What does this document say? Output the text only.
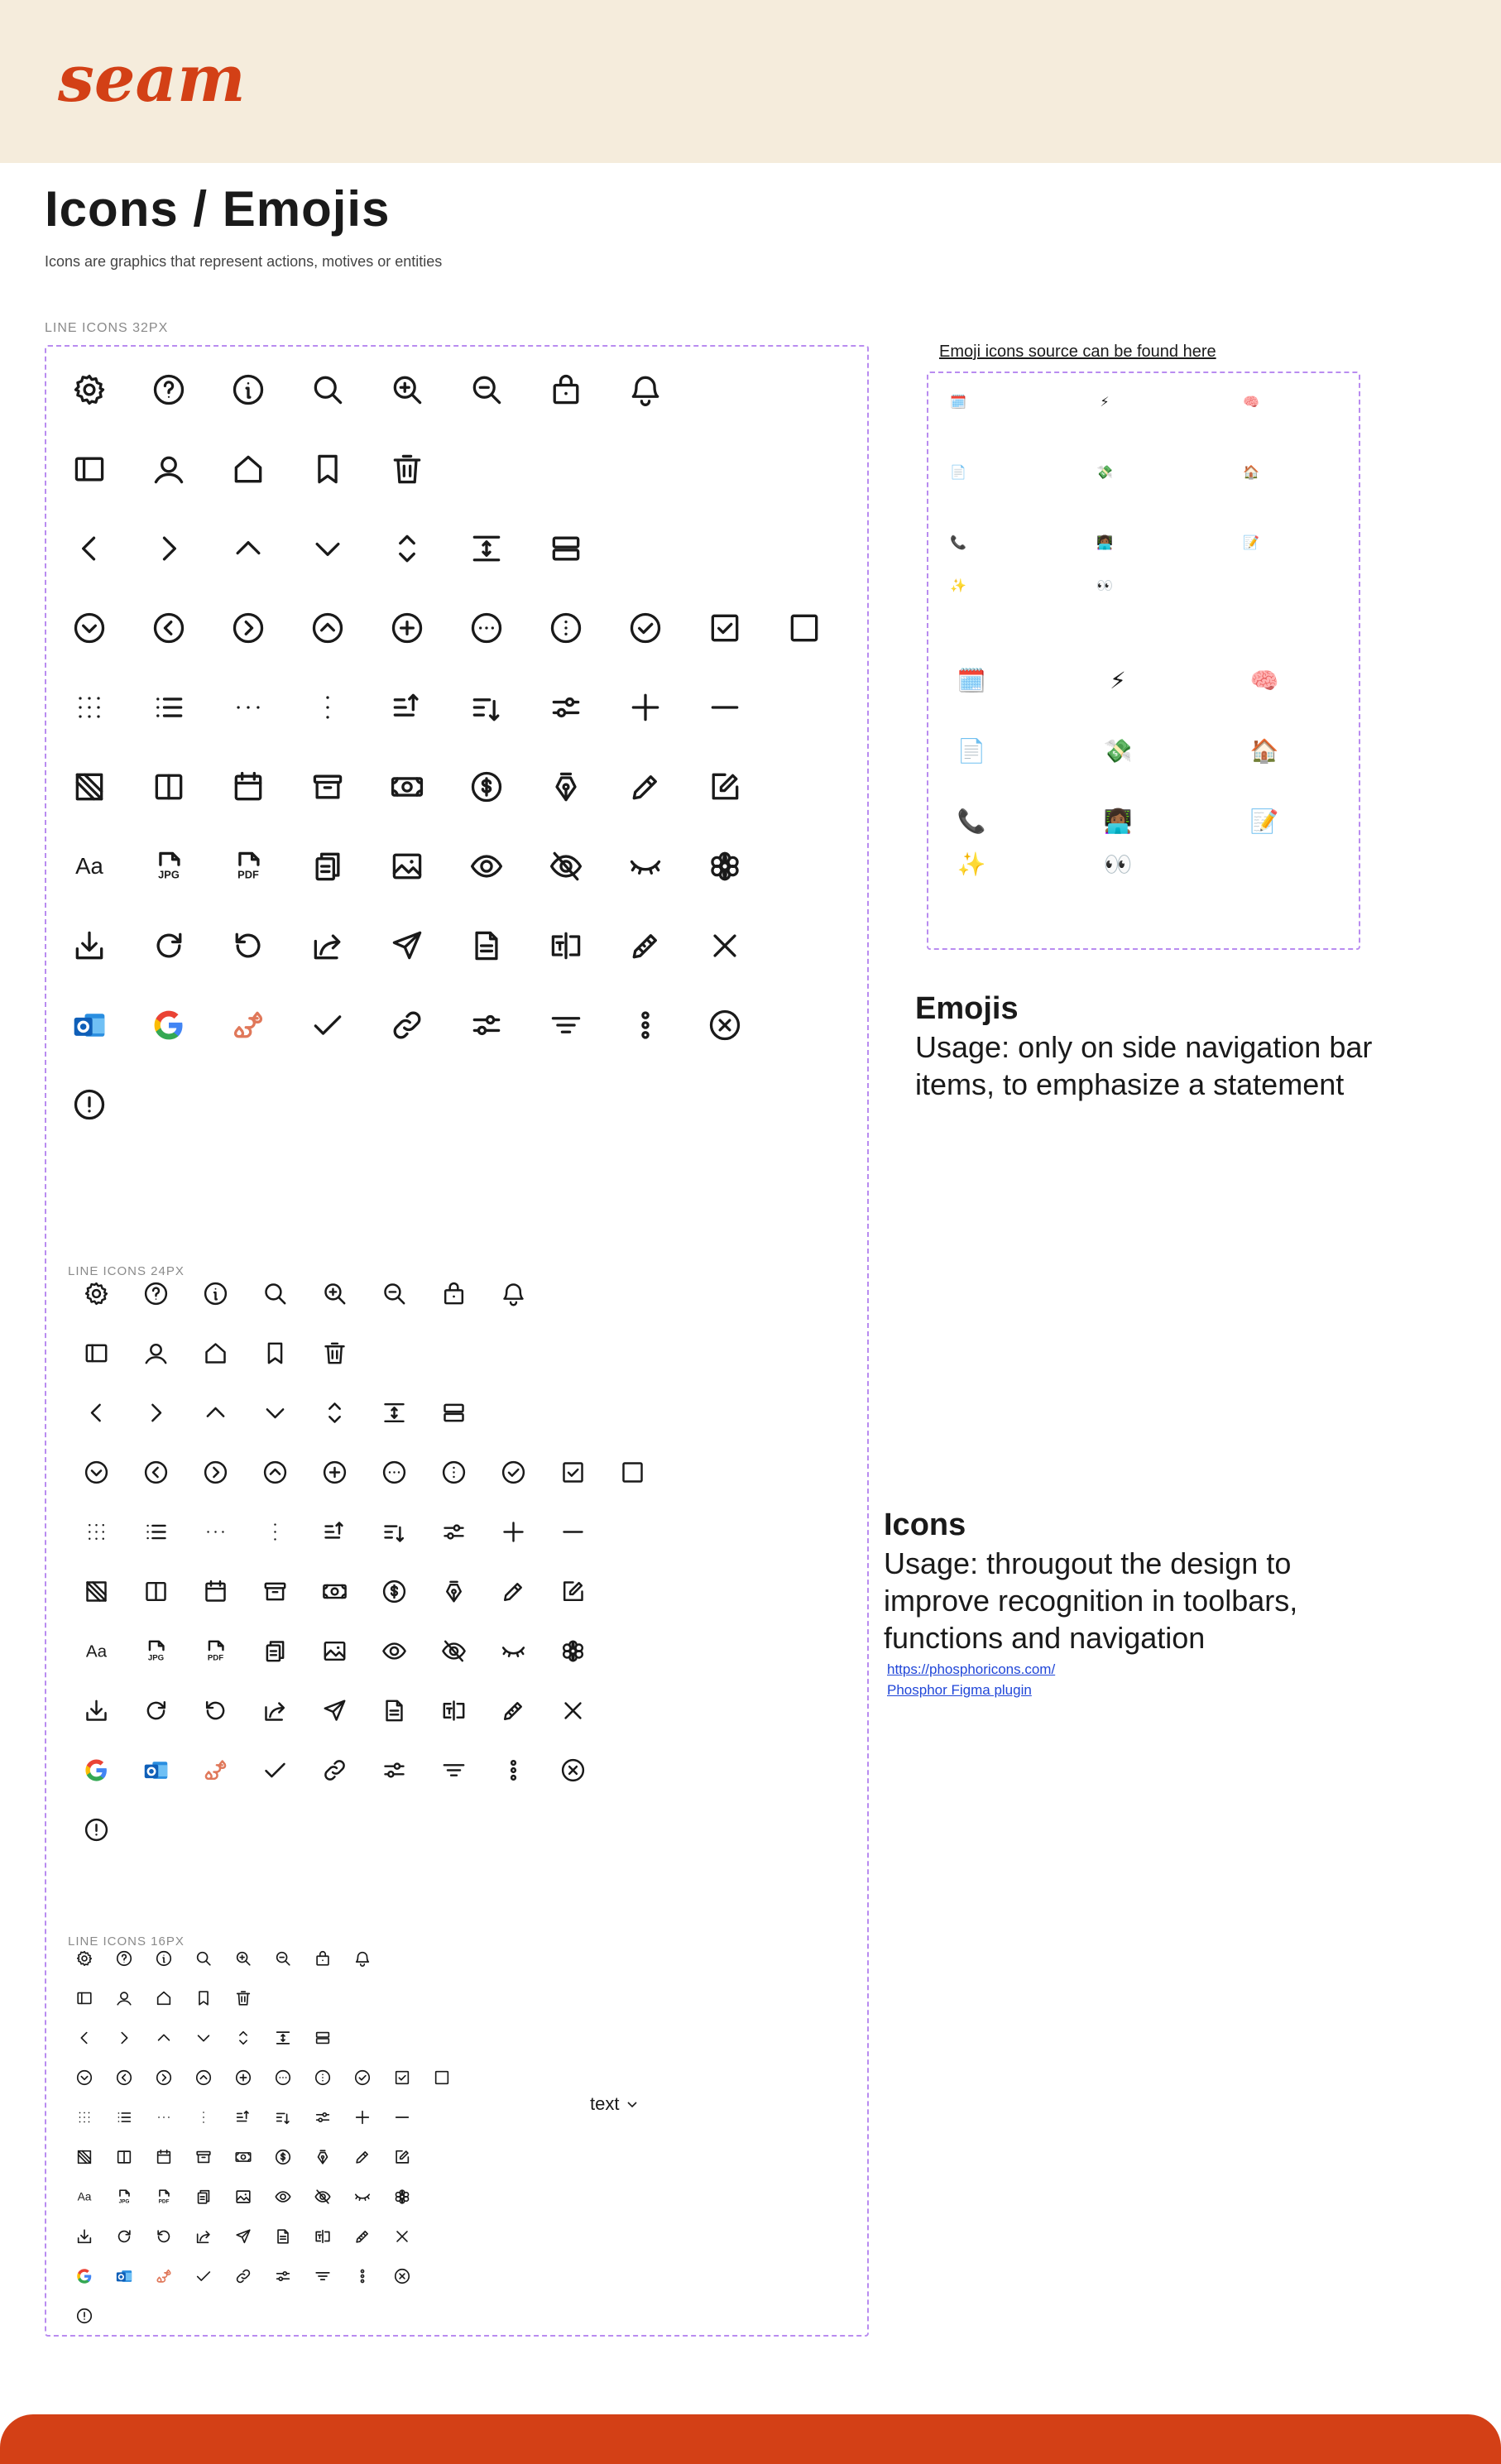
seam
Icons / Emojis
Icons are graphics that represent actions, motives or entities
LINE ICONS 32PX
LINE ICONS 24PX
LINE ICONS 16PX
Aa	JPG	PDF
Aa	JPG	PDF
Aa	JPG	PDF
Emoji icons source can be found here
🗓️	⚡	🧠
📄	💸	🏠
📞	👩🏾‍💻	📝
✨	👀
🗓️	⚡	🧠
📄	💸	🏠
📞	👩🏾‍💻	📝
✨	👀
Emojis
Usage: only on side navigation bar items, to emphasize a statement
Icons
Usage: througout the design to improve recognition in toolbars, functions and navigation
https://phosphoricons.com/
Phosphor Figma plugin
text
